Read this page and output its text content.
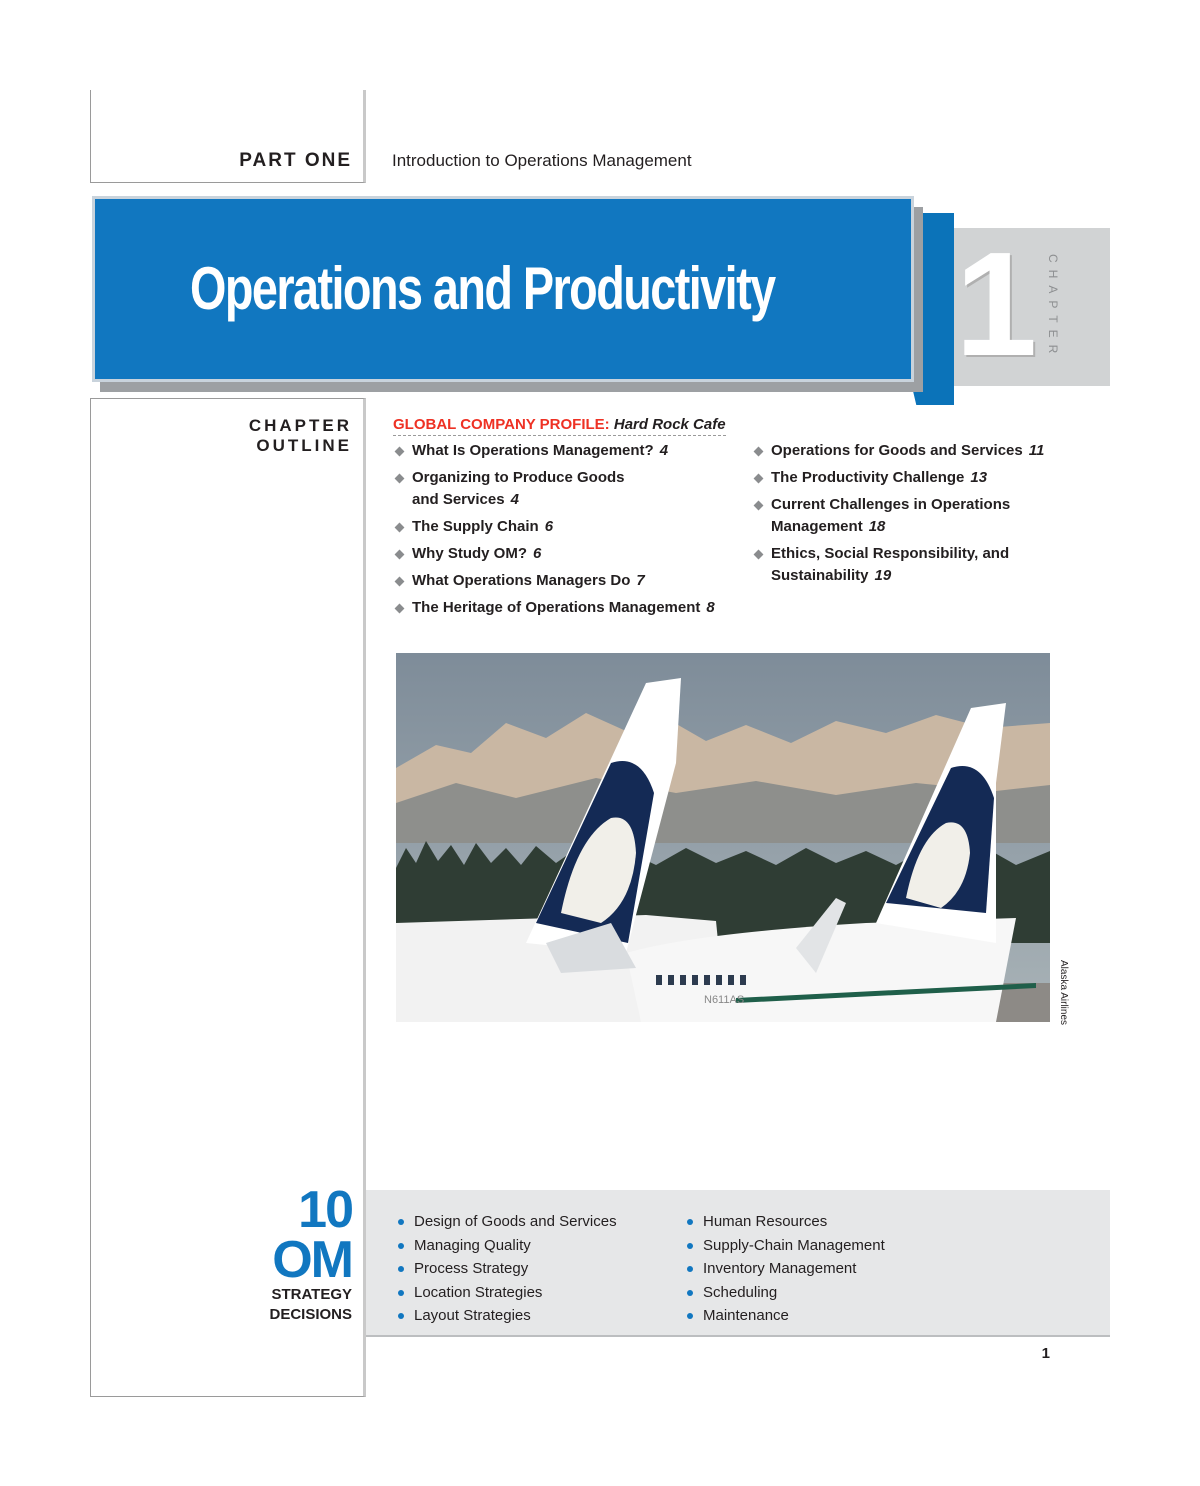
PART ONE Introduction to Operations Management
1 CHAPTER
Operations and Productivity
CHAPTER
OUTLINE
GLOBAL COMPANY PROFILE: Hard Rock Cafe
What Is Operations Management? 4
Organizing to Produce Goods
and Services 4
The Supply Chain 6
Why Study OM? 6
What Operations Managers Do 7
The Heritage of Operations Management 8
Operations for Goods and Services 11
The Productivity Challenge 13
Current Challenges in Operations
Management 18
Ethics, Social Responsibility, and
Sustainability 19
N611AS	Alaska Airlines
10
OM
STRATEGY
DECISIONS
Design of Goods and Services
Managing Quality
Process Strategy
Location Strategies
Layout Strategies
Human Resources
Supply-Chain Management
Inventory Management
Scheduling
Maintenance
1
